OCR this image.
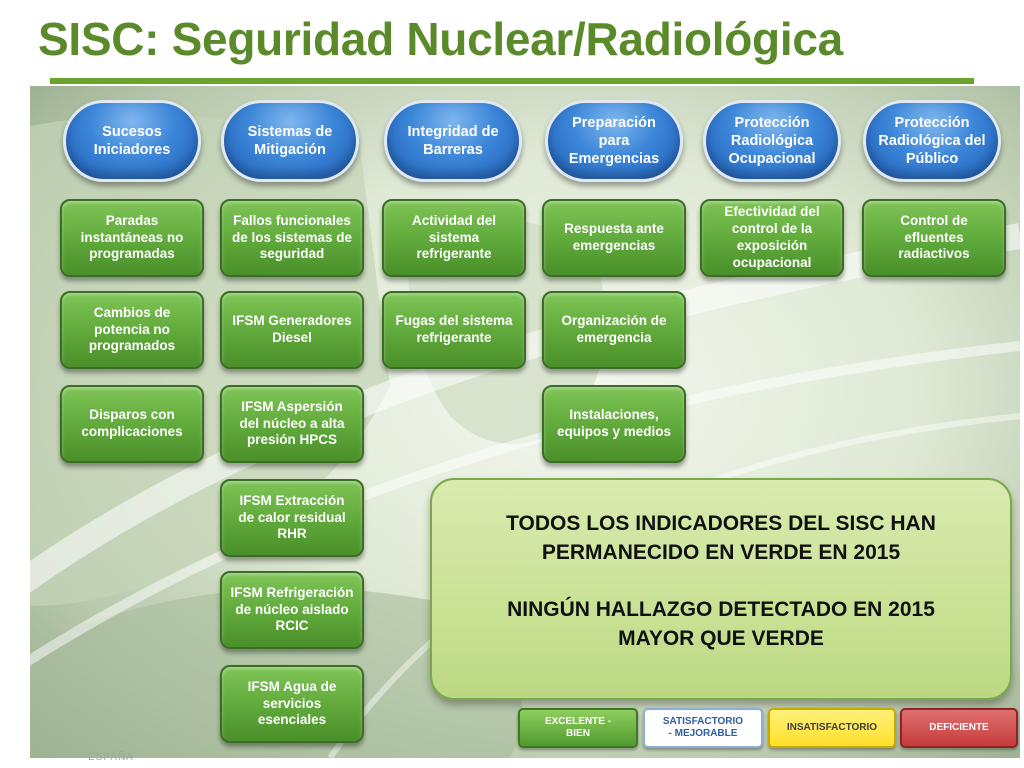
SISC: Seguridad Nuclear/Radiológica
Sucesos Iniciadores
Sistemas de Mitigación
Integridad de Barreras
Preparación para Emergencias
Protección Radiológica Ocupacional
Protección Radiológica del Público
Paradas instantáneas no programadas
Cambios de potencia no programados
Disparos con complicaciones
Fallos funcionales de los sistemas de seguridad
IFSM Generadores Diesel
IFSM Aspersión del núcleo a alta presión HPCS
IFSM Extracción de calor residual RHR
IFSM Refrigeración de núcleo aislado RCIC
IFSM Agua de servicios esenciales
Actividad del sistema refrigerante
Fugas del sistema refrigerante
Respuesta ante emergencias
Organización de emergencia
Instalaciones, equipos y medios
Efectividad del control de la exposición ocupacional
Control de efluentes radiactivos

TODOS LOS INDICADORES DEL SISC HAN

PERMANECIDO EN VERDE EN 2015

NINGÚN HALLAZGO DETECTADO EN 2015

MAYOR QUE VERDE

EXCELENTE -
BIEN
SATISFACTORIO
- MEJORABLE
INSATISFACTORIO	DEFICIENTE
ESPAÑA
